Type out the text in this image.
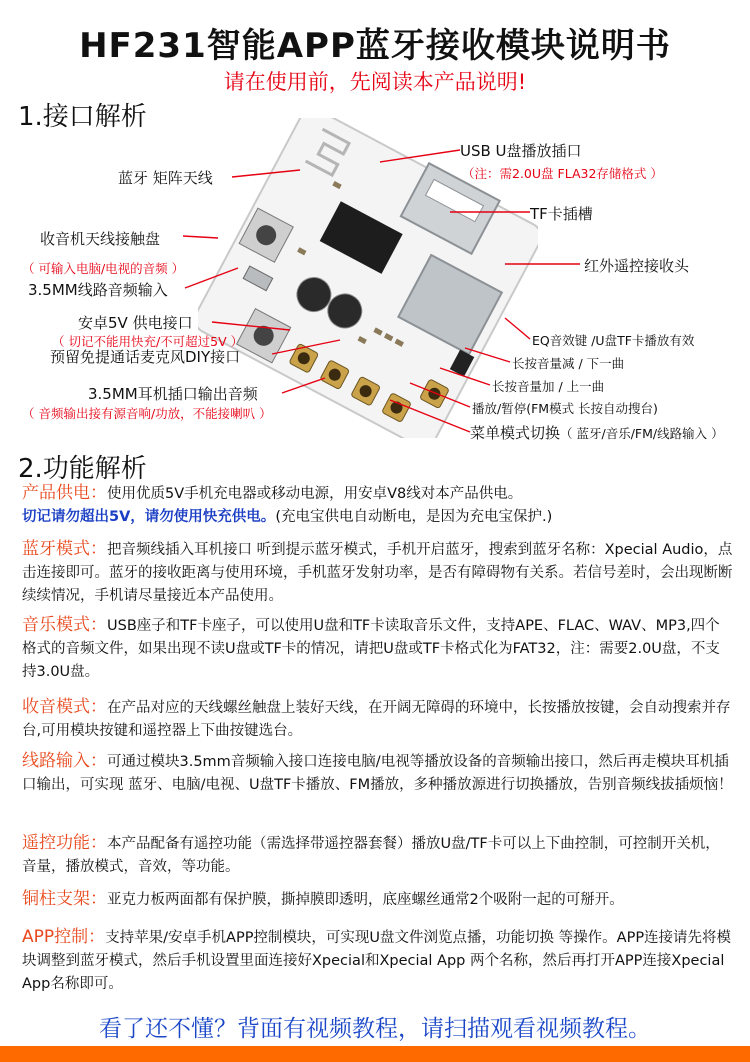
HF231智能APP蓝牙接收模块说明书
请在使用前，先阅读本产品说明!
1.接口解析
USB U盘播放插口
（注：需2.0U盘 FLA32存储格式 ）
TF卡插槽
红外遥控接收头
蓝牙 矩阵天线
收音机天线接触盘
（ 可输入电脑/电视的音频 ）
3.5MM线路音频输入
安卓5V 供电接口
（ 切记不能用快充/不可超过5V ）
预留免提通话麦克风DIY接口
3.5MM耳机插口输出音频
（ 音频输出接有源音响/功放，不能接喇叭 ）
EQ音效键 /U盘TF卡播放有效
长按音量减 / 下一曲
长按音量加 / 上一曲
播放/暂停(FM模式 长按自动搜台)
菜单模式切换（ 蓝牙/音乐/FM/线路输入 ）
2.功能解析
产品供电：使用优质5V手机充电器或移动电源，用安卓V8线对本产品供电。
切记请勿超出5V，请勿使用快充供电。(充电宝供电自动断电，是因为充电宝保护.)
蓝牙模式：把音频线插入耳机接口 听到提示蓝牙模式，手机开启蓝牙，搜索到蓝牙名称：Xpecial Audio，点击连接即可。蓝牙的接收距离与使用环境，手机蓝牙发射功率，是否有障碍物有关系。若信号差时，会出现断断续续情况，手机请尽量接近本产品使用。
音乐模式：USB座子和TF卡座子，可以使用U盘和TF卡读取音乐文件，支持APE、FLAC、WAV、MP3,四个格式的音频文件，如果出现不读U盘或TF卡的情况，请把U盘或TF卡格式化为FAT32，注：需要2.0U盘，不支持3.0U盘。
收音模式：在产品对应的天线螺丝触盘上装好天线，在开阔无障碍的环境中，长按播放按键，会自动搜索并存台,可用模块按键和遥控器上下曲按键选台。
线路输入：可通过模块3.5mm音频输入接口连接电脑/电视等播放设备的音频输出接口，然后再走模块耳机插口输出，可实现 蓝牙、电脑/电视、U盘TF卡播放、FM播放，多种播放源进行切换播放，告别音频线拔插烦恼！
遥控功能：本产品配备有遥控功能（需选择带遥控器套餐）播放U盘/TF卡可以上下曲控制，可控制开关机，音量，播放模式，音效，等功能。
铜柱支架：亚克力板两面都有保护膜，撕掉膜即透明，底座螺丝通常2个吸附一起的可掰开。
APP控制：支持苹果/安卓手机APP控制模块，可实现U盘文件浏览点播，功能切换 等操作。APP连接请先将模块调整到蓝牙模式，然后手机设置里面连接好Xpecial和Xpecial App 两个名称，然后再打开APP连接Xpecial App名称即可。
看了还不懂？背面有视频教程，请扫描观看视频教程。
